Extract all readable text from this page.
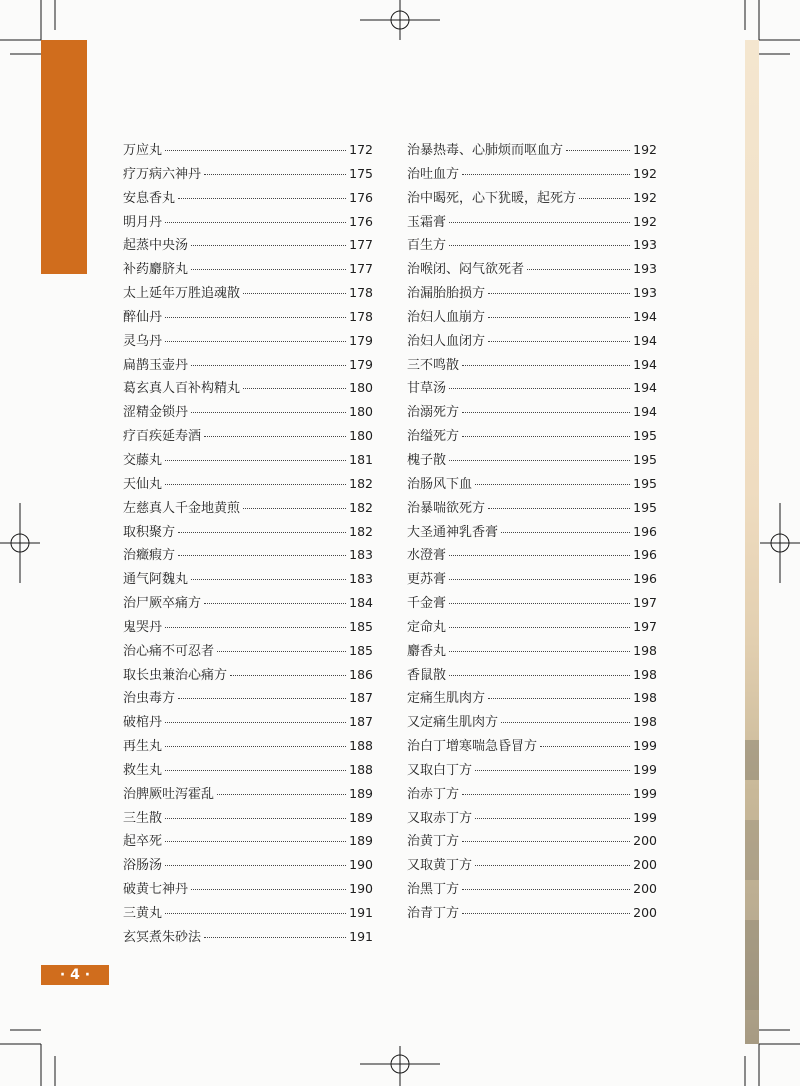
万应丸	172
疗万病六神丹	175
安息香丸	176
明月丹	176
起蒸中央汤	177
补药麝脐丸	177
太上延年万胜追魂散	178
醉仙丹	178
灵乌丹	179
扁鹊玉壶丹	179
葛玄真人百补构精丸	180
涩精金锁丹	180
疗百疾延寿酒	180
交藤丸	181
天仙丸	182
左慈真人千金地黄煎	182
取积聚方	182
治癥瘕方	183
通气阿魏丸	183
治尸厥卒痛方	184
鬼哭丹	185
治心痛不可忍者	185
取长虫兼治心痛方	186
治虫毒方	187
破棺丹	187
再生丸	188
救生丸	188
治脾厥吐泻霍乱	189
三生散	189
起卒死	189
浴肠汤	190
破黄七神丹	190
三黄丸	191
玄冥煮朱砂法	191
治暴热毒、心肺烦而呕血方	192
治吐血方	192
治中暍死，心下犹暖，起死方	192
玉霜膏	192
百生方	193
治喉闭、闷气欲死者	193
治漏胎胎损方	193
治妇人血崩方	194
治妇人血闭方	194
三不鸣散	194
甘草汤	194
治溺死方	194
治缢死方	195
槐子散	195
治肠风下血	195
治暴喘欲死方	195
大圣通神乳香膏	196
水澄膏	196
更苏膏	196
千金膏	197
定命丸	197
麝香丸	198
香鼠散	198
定痛生肌肉方	198
又定痛生肌肉方	198
治白丁增寒喘急昏冒方	199
又取白丁方	199
治赤丁方	199
又取赤丁方	199
治黄丁方	200
又取黄丁方	200
治黑丁方	200
治青丁方	200
· 4 ·
